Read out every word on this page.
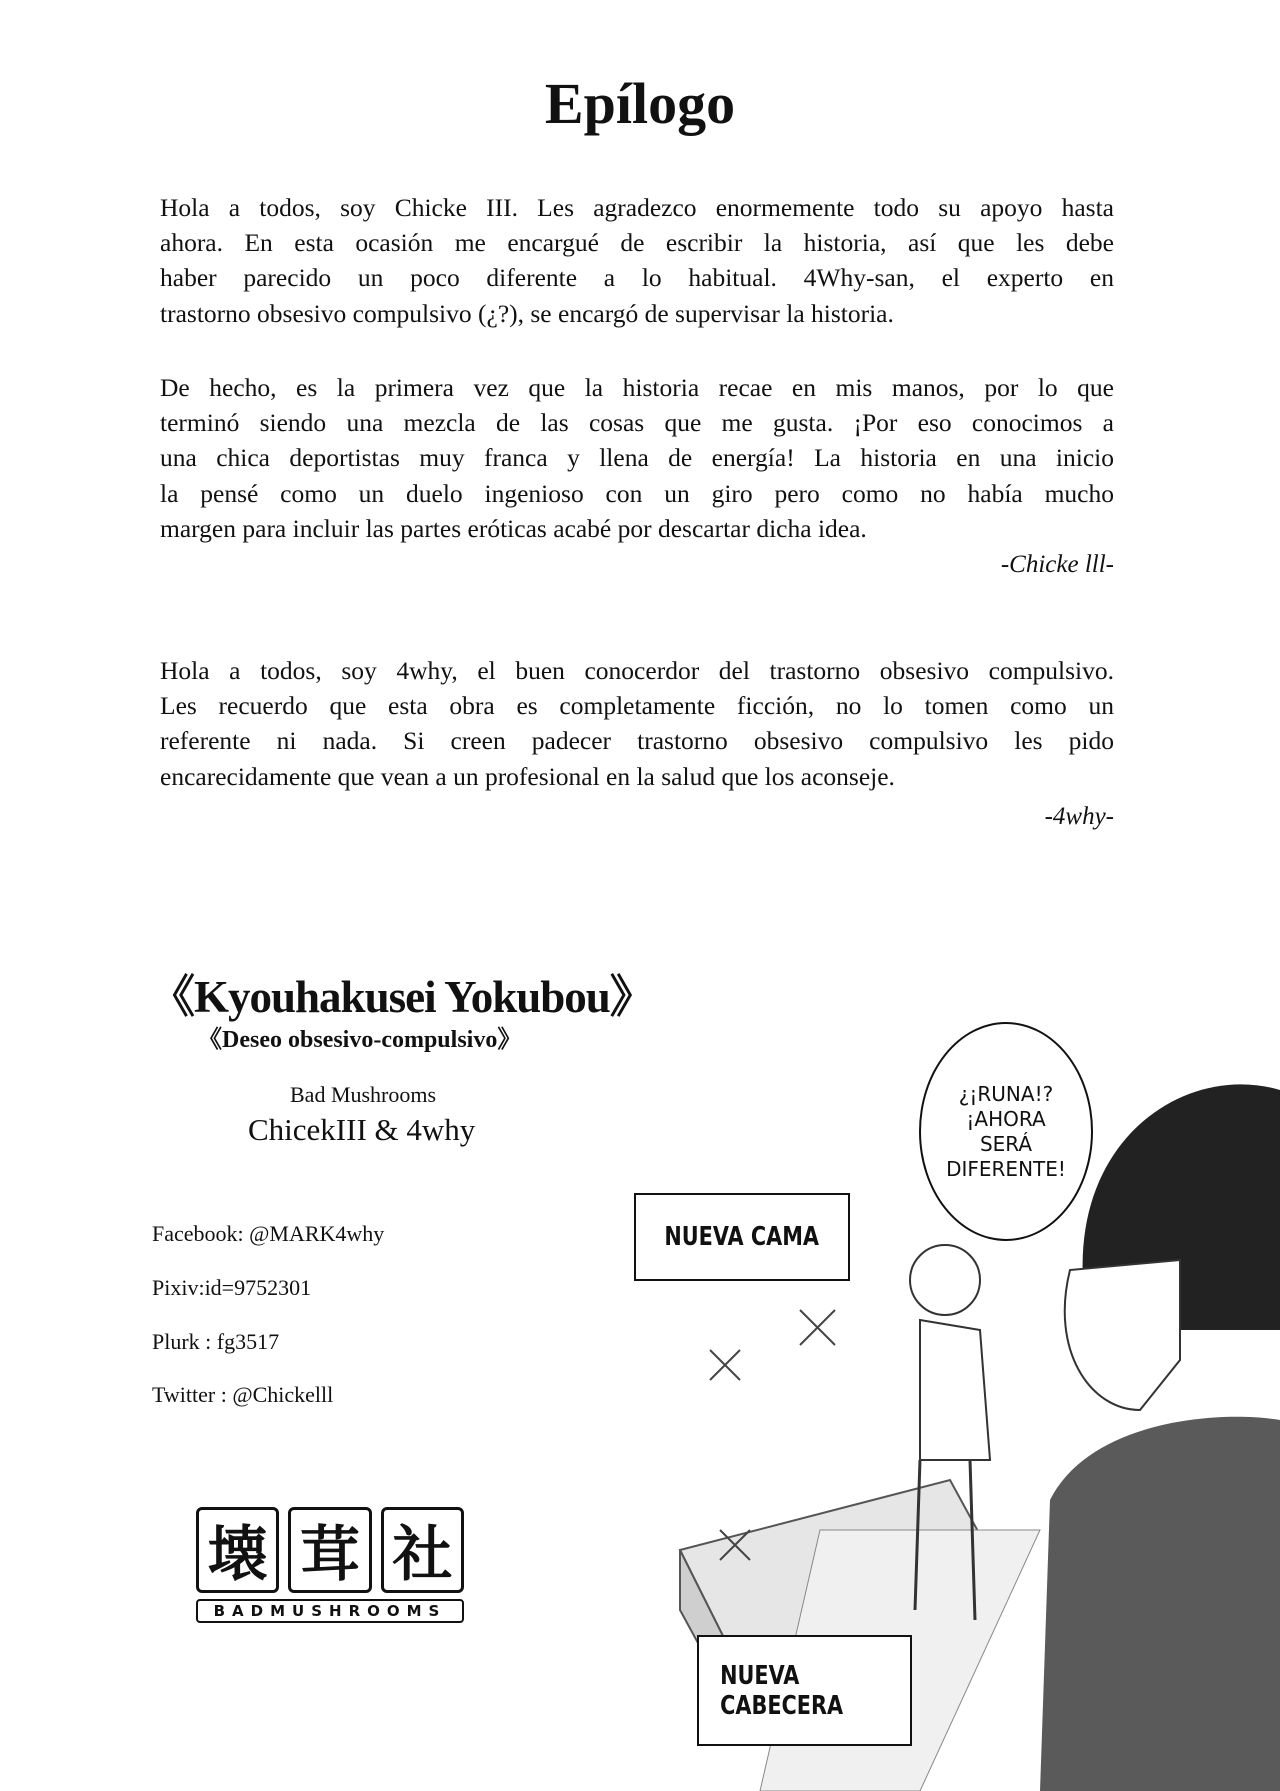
Epílogo
Hola a todos, soy Chicke III. Les agradezco enormemente todo su apoyo hasta
ahora. En esta ocasión me encargué de escribir la historia, así que les debe
haber parecido un poco diferente a lo habitual. 4Why-san, el experto en
trastorno obsesivo compulsivo (¿?), se encargó de supervisar la historia.
De hecho, es la primera vez que la historia recae en mis manos, por lo que
terminó siendo una mezcla de las cosas que me gusta. ¡Por eso conocimos a
una chica deportistas muy franca y llena de energía! La historia en una inicio
la pensé como un duelo ingenioso con un giro pero como no había mucho
margen para incluir las partes eróticas acabé por descartar dicha idea.
-Chicke lll-
Hola a todos, soy 4why, el buen conocerdor del trastorno obsesivo compulsivo.
Les recuerdo que esta obra es completamente ficción, no lo tomen como un
referente ni nada. Si creen padecer trastorno obsesivo compulsivo les pido
encarecidamente que vean a un profesional en la salud que los aconseje.
-4why-
《Kyouhakusei Yokubou》
《Deseo obsesivo-compulsivo》
Bad Mushrooms
ChicekIII & 4why
Facebook: @MARK4why
Pixiv:id=9752301
Plurk : fg3517
Twitter : @Chickelll
壊 茸 社
BADMUSHROOMS
¿¡RUNA!?
¡AHORA
SERÁ
DIFERENTE!
NUEVA CAMA
NUEVA CABECERA
